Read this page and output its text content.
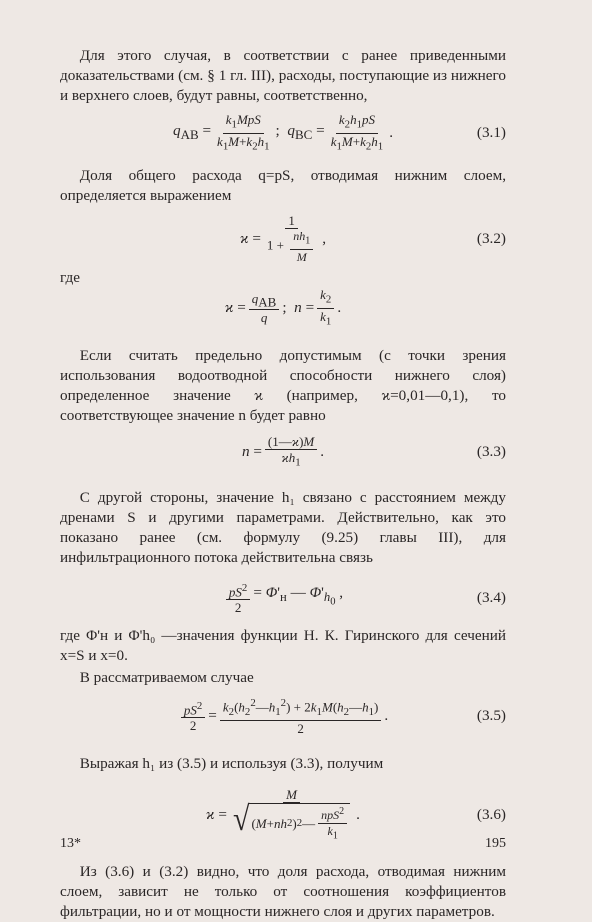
Для этого случая, в соответствии с ранее приведенными доказательствами (см. § 1 гл. III), расходы, поступающие из нижнего и верхнего слоев, будут равны, соответственно,

$q_{AB} = \frac{k_1MpS}{k_1M+k_2h_1}$ ;  $q_{BC} = \frac{k_2h_1pS}{k_1M+k_2h_1}$ .	(3.1)

Доля общего расхода q=pS, отводимая нижним слоем, определяется выражением

$ϰ = \frac{1}{1 + \frac{nh_1}{M}}$ ,	(3.2)

где

$ϰ = \frac{q_{AB}}{q}$ ;  $n = \frac{k_2}{k_1}$ .

Если считать предельно допустимым (с точки зрения использования водоотводной способности нижнего слоя) определенное значение ϰ (например, ϰ=0,01—0,1), то соответствующее значение n будет равно

$n = \frac{(1—ϰ)M}{ϰh_1}$ .	(3.3)

С другой стороны, значение h₁ связано с расстоянием между дренами S и другими параметрами. Действительно, как это показано ранее (см. формулу (9.25) главы III), для инфильтрационного потока действительна связь

$\frac{pS^2}{2} = \Phi'_н$ — $\Phi'_{h_0}$ ,	(3.4)

где Φ'н и Φ'h₀ —значения функции Н. К. Гиринского для сечений x=S и x=0.

В рассматриваемом случае

$\frac{pS^2}{2} = \frac{k_2(h_2^2—h_1^2) + 2k_1M(h_2—h_1)}{2}$ .	(3.5)

Выражая h₁ из (3.5) и используя (3.3), получим

$ϰ = \frac{M}{√ ( M + nh 2 ) 2 — \frac{npS^2}{k_1}}$ .	(3.6)

Из (3.6) и (3.2) видно, что доля расхода, отводимая нижним слоем, зависит не только от соотношения коэффициентов фильтрации, но и от мощности нижнего слоя и других параметров.

13*	195
